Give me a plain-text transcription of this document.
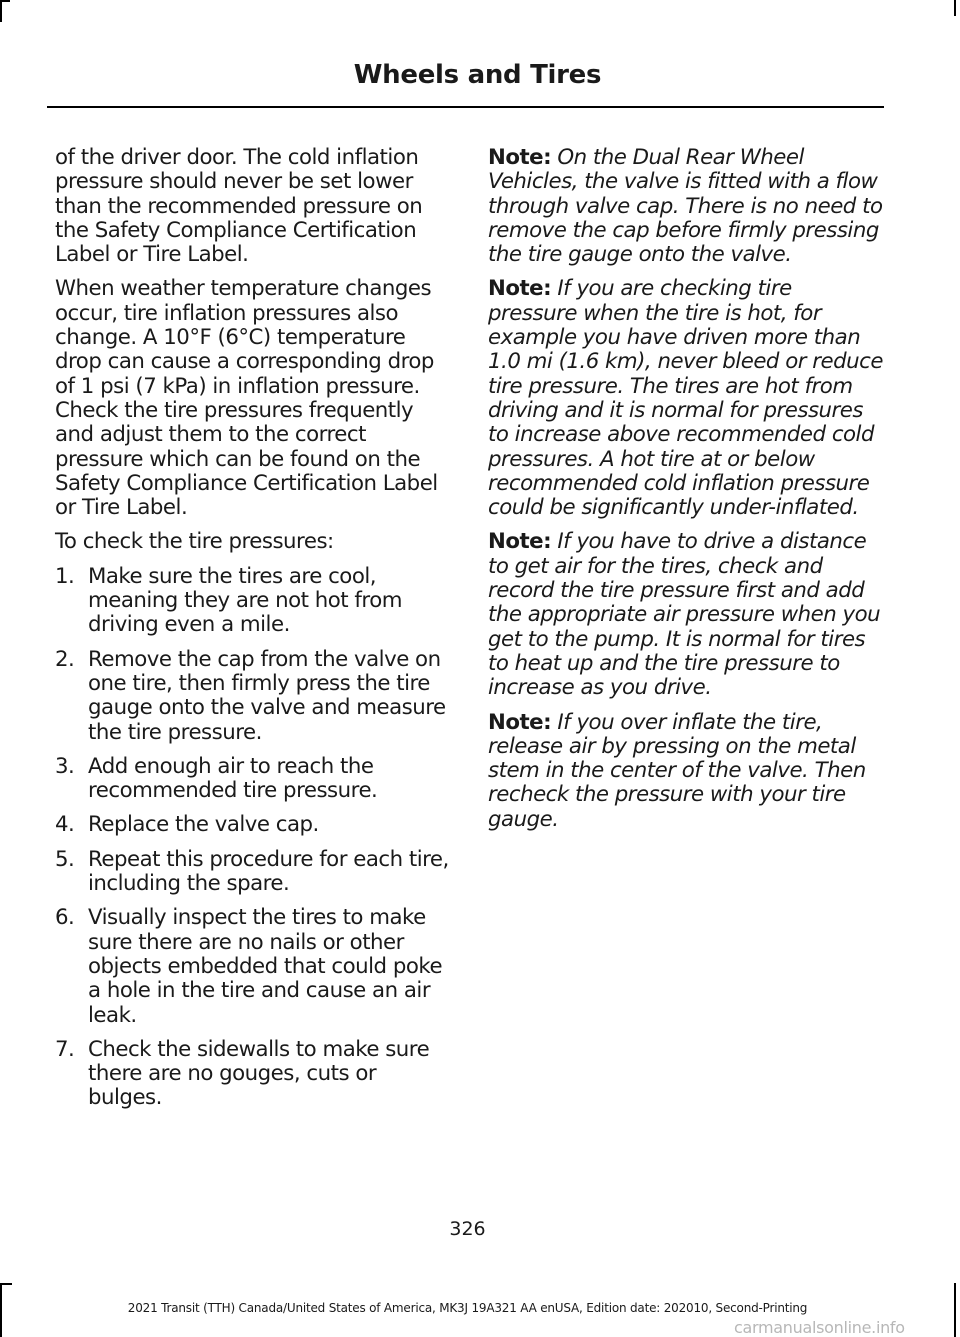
Wheels and Tires

of the driver door. The cold inflation pressure should never be set lower than the recommended pressure on the Safety Compliance Certification Label or Tire Label.

When weather temperature changes occur, tire inflation pressures also change. A 10°F (6°C) temperature drop can cause a corresponding drop of 1 psi (7 kPa) in inflation pressure. Check the tire pressures frequently and adjust them to the correct pressure which can be found on the Safety Compliance Certification Label or Tire Label.

To check the tire pressures:

1. Make sure the tires are cool, meaning they are not hot from driving even a mile.
2. Remove the cap from the valve on one tire, then firmly press the tire gauge onto the valve and measure the tire pressure.
3. Add enough air to reach the recommended tire pressure.
4. Replace the valve cap.
5. Repeat this procedure for each tire, including the spare.
6. Visually inspect the tires to make sure there are no nails or other objects embedded that could poke a hole in the tire and cause an air leak.
7. Check the sidewalls to make sure there are no gouges, cuts or bulges.

Note: On the Dual Rear Wheel Vehicles, the valve is fitted with a flow through valve cap. There is no need to remove the cap before firmly pressing the tire gauge onto the valve.

Note: If you are checking tire pressure when the tire is hot, for example you have driven more than 1.0 mi (1.6 km), never bleed or reduce tire pressure. The tires are hot from driving and it is normal for pressures to increase above recommended cold pressures. A hot tire at or below recommended cold inflation pressure could be significantly under-inflated.

Note: If you have to drive a distance to get air for the tires, check and record the tire pressure first and add the appropriate air pressure when you get to the pump. It is normal for tires to heat up and the tire pressure to increase as you drive.

Note: If you over inflate the tire, release air by pressing on the metal stem in the center of the valve. Then recheck the pressure with your tire gauge.

326
2021 Transit (TTH) Canada/United States of America, MK3J 19A321 AA enUSA, Edition date: 202010, Second-Printing
carmanualsonline.info
